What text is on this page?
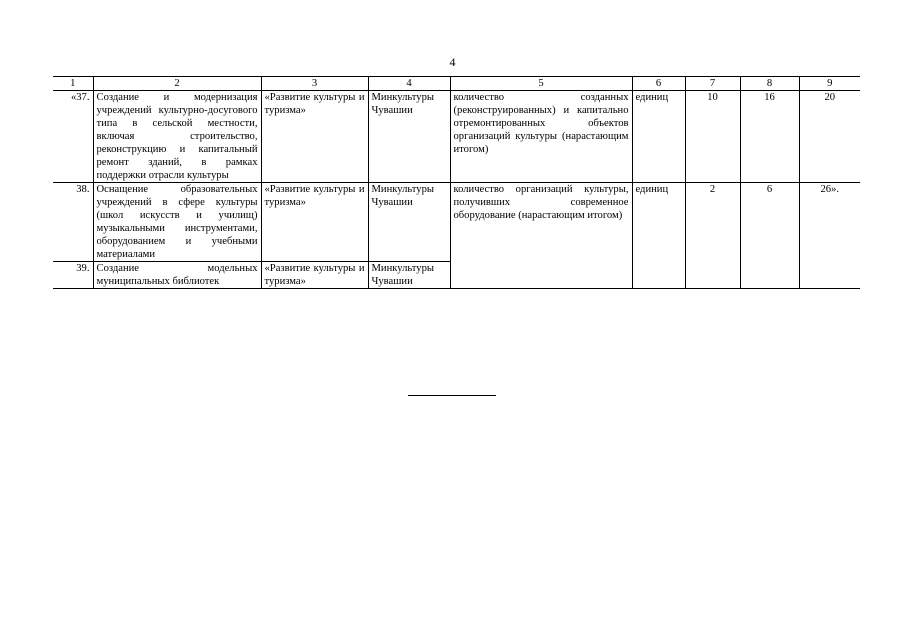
4
1	2	3	4	5	6	7	8	9
«37.	Создание и модернизация учреждений культурно-досугового типа в сельской местности, включая строительство, реконструкцию и капитальный ремонт зданий, в рамках поддержки отрасли культуры	«Развитие культуры и туризма»	Минкультуры Чувашии	количество созданных (реконструированных) и капитально отремонтированных объектов организаций культуры (нарастающим итогом)	единиц	10	16	20
38.	Оснащение образовательных учреждений в сфере культуры (школ искусств и училищ) музыкальными инструментами, оборудованием и учебными материалами	«Развитие культуры и туризма»	Минкультуры Чувашии	количество организаций культуры, получивших современное оборудование (нарастающим итогом)	единиц	2	6	26».
39.	Создание модельных муниципальных библиотек	«Развитие культуры и туризма»	Минкультуры Чувашии					
